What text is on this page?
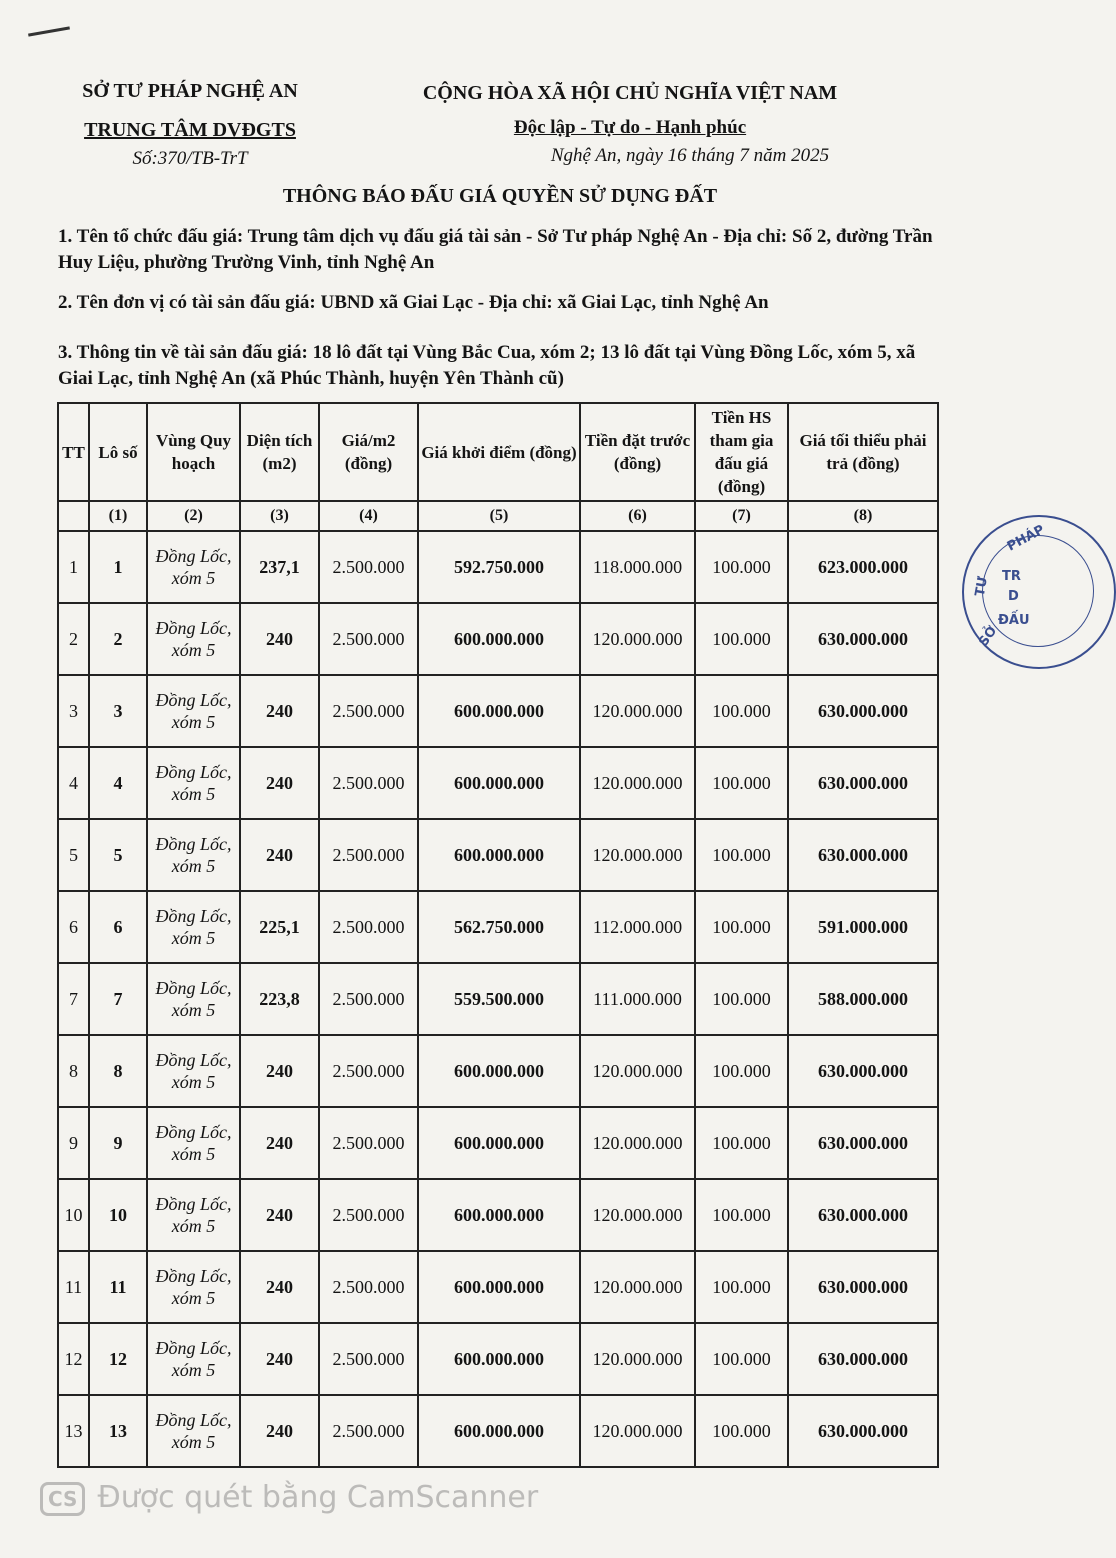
SỞ TƯ PHÁP NGHỆ AN
TRUNG TÂM DVĐGTS
Số:370/TB-TrT
CỘNG HÒA XÃ HỘI CHỦ NGHĨA VIỆT NAM
Độc lập - Tự do - Hạnh phúc
Nghệ An, ngày 16 tháng 7 năm 2025
THÔNG BÁO ĐẤU GIÁ QUYỀN SỬ DỤNG ĐẤT
1. Tên tổ chức đấu giá: Trung tâm dịch vụ đấu giá tài sản - Sở Tư pháp Nghệ An - Địa chỉ: Số 2, đường Trần Huy Liệu, phường Trường Vinh, tỉnh Nghệ An
2. Tên đơn vị có tài sản đấu giá: UBND xã Giai Lạc - Địa chỉ: xã Giai Lạc, tỉnh Nghệ An
3. Thông tin về tài sản đấu giá: 18 lô đất tại Vùng Bắc Cua, xóm 2; 13 lô đất tại Vùng Đồng Lốc, xóm 5, xã Giai Lạc, tỉnh Nghệ An (xã Phúc Thành, huyện Yên Thành cũ)
TT	Lô số	Vùng Quy hoạch	Diện tích (m2)	Giá/m2 (đồng)	Giá khởi điểm (đồng)	Tiền đặt trước (đồng)	Tiền HS tham gia đấu giá (đồng)	Giá tối thiểu phải trả (đồng)
	(1)	(2)	(3)	(4)	(5)	(6)	(7)	(8)
1	1	Đồng Lốc, xóm 5	237,1	2.500.000	592.750.000	118.000.000	100.000	623.000.000
2	2	Đồng Lốc, xóm 5	240	2.500.000	600.000.000	120.000.000	100.000	630.000.000
3	3	Đồng Lốc, xóm 5	240	2.500.000	600.000.000	120.000.000	100.000	630.000.000
4	4	Đồng Lốc, xóm 5	240	2.500.000	600.000.000	120.000.000	100.000	630.000.000
5	5	Đồng Lốc, xóm 5	240	2.500.000	600.000.000	120.000.000	100.000	630.000.000
6	6	Đồng Lốc, xóm 5	225,1	2.500.000	562.750.000	112.000.000	100.000	591.000.000
7	7	Đồng Lốc, xóm 5	223,8	2.500.000	559.500.000	111.000.000	100.000	588.000.000
8	8	Đồng Lốc, xóm 5	240	2.500.000	600.000.000	120.000.000	100.000	630.000.000
9	9	Đồng Lốc, xóm 5	240	2.500.000	600.000.000	120.000.000	100.000	630.000.000
10	10	Đồng Lốc, xóm 5	240	2.500.000	600.000.000	120.000.000	100.000	630.000.000
11	11	Đồng Lốc, xóm 5	240	2.500.000	600.000.000	120.000.000	100.000	630.000.000
12	12	Đồng Lốc, xóm 5	240	2.500.000	600.000.000	120.000.000	100.000	630.000.000
13	13	Đồng Lốc, xóm 5	240	2.500.000	600.000.000	120.000.000	100.000	630.000.000
PHÁP
TƯ TR
D
ĐẤU
SỞ
CS Được quét bằng CamScanner
